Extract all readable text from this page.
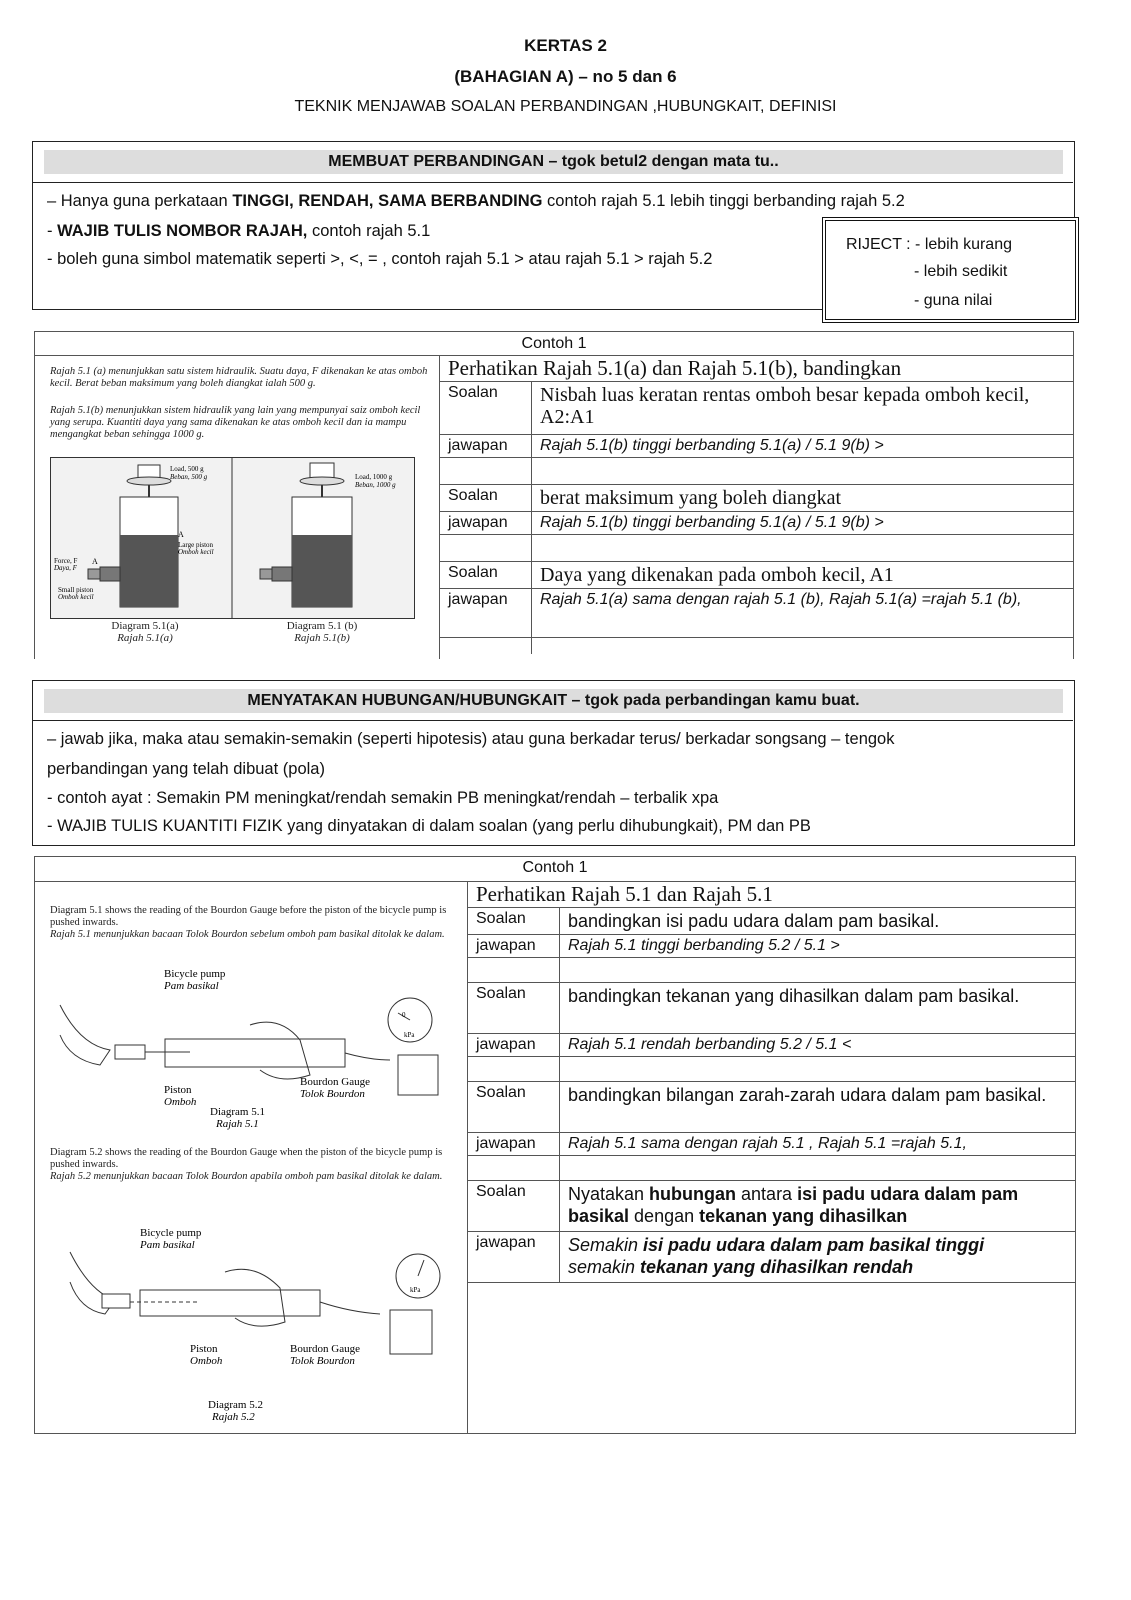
KERTAS 2
(BAHAGIAN A) – no 5 dan 6
TEKNIK MENJAWAB SOALAN PERBANDINGAN ,HUBUNGKAIT, DEFINISI
MEMBUAT PERBANDINGAN – tgok betul2 dengan mata tu..
– Hanya guna perkataan TINGGI, RENDAH, SAMA BERBANDING contoh rajah 5.1 lebih tinggi berbanding rajah 5.2
- WAJIB TULIS NOMBOR RAJAH, contoh rajah 5.1
- boleh guna simbol matematik seperti >, <, = , contoh rajah 5.1 > atau rajah 5.1 > rajah 5.2
RIJECT : - lebih kurang
- lebih sedikit
- guna nilai
Contoh 1
Rajah 5.1 (a) menunjukkan satu sistem hidraulik. Suatu daya, F dikenakan ke atas omboh kecil. Berat beban maksimum yang boleh diangkat ialah 500 g.
Rajah 5.1(b) menunjukkan sistem hidraulik yang lain yang mempunyai saiz omboh kecil yang serupa. Kuantiti daya yang sama dikenakan ke atas omboh kecil dan ia mampu mengangkat beban sehingga 1000 g.
Load, 500 g
Beban, 500 g	Load, 1000 g
Beban, 1000 g
A
Large piston
Omboh kecil
Force, F
Daya, F
A
Small piston
Omboh kecil
Diagram 5.1(a)
Rajah 5.1(a)
Diagram 5.1 (b)
Rajah 5.1(b)
Perhatikan Rajah 5.1(a) dan Rajah 5.1(b), bandingkan	
Soalan	Nisbah luas keratan rentas omboh besar kepada omboh kecil, A2:A1
jawapan	Rajah 5.1(b) tinggi berbanding 5.1(a) / 5.1 9(b) >

Soalan	berat maksimum yang boleh diangkat
jawapan	Rajah 5.1(b) tinggi berbanding 5.1(a) / 5.1 9(b) >

Soalan	Daya yang dikenakan pada omboh kecil, A1
jawapan	Rajah 5.1(a) sama dengan rajah 5.1 (b), Rajah 5.1(a) =rajah 5.1 (b),

MENYATAKAN HUBUNGAN/HUBUNGKAIT – tgok pada perbandingan kamu buat.
– jawab jika, maka atau semakin-semakin (seperti hipotesis) atau guna berkadar terus/ berkadar songsang – tengok
perbandingan yang telah dibuat (pola)
- contoh ayat : Semakin PM meningkat/rendah semakin PB meningkat/rendah – terbalik xpa
- WAJIB TULIS KUANTITI FIZIK yang dinyatakan di dalam soalan (yang perlu dihubungkait), PM dan PB
Contoh 1
Diagram 5.1 shows the reading of the Bourdon Gauge before the piston of the bicycle pump is pushed inwards.
Rajah 5.1 menunjukkan bacaan Tolok Bourdon sebelum omboh pam basikal ditolak ke dalam.
Diagram 5.2 shows the reading of the Bourdon Gauge when the piston of the bicycle pump is pushed inwards.
Rajah 5.2 menunjukkan bacaan Tolok Bourdon apabila omboh pam basikal ditolak ke dalam.
Bicycle pump
Pam basikal
0
kPa
Piston
Omboh
Bourdon Gauge
Tolok Bourdon
Diagram 5.1
Rajah 5.1
Bicycle pump
Pam basikal
kPa
Piston
Omboh
Bourdon Gauge
Tolok Bourdon
Diagram 5.2
Rajah 5.2
Perhatikan Rajah 5.1 dan Rajah 5.1	
Soalan	bandingkan isi padu udara dalam pam basikal.
jawapan	Rajah 5.1 tinggi berbanding 5.2 / 5.1 >

Soalan	bandingkan tekanan yang dihasilkan dalam pam basikal.
jawapan	Rajah 5.1 rendah berbanding 5.2 / 5.1 <

Soalan	bandingkan bilangan zarah-zarah udara dalam pam basikal.
jawapan	Rajah 5.1 sama dengan rajah 5.1 , Rajah 5.1 =rajah 5.1,

Soalan	Nyatakan hubungan antara isi padu udara dalam pam basikal dengan tekanan yang dihasilkan
jawapan	Semakin isi padu udara dalam pam basikal tinggi
semakin tekanan yang dihasilkan rendah
